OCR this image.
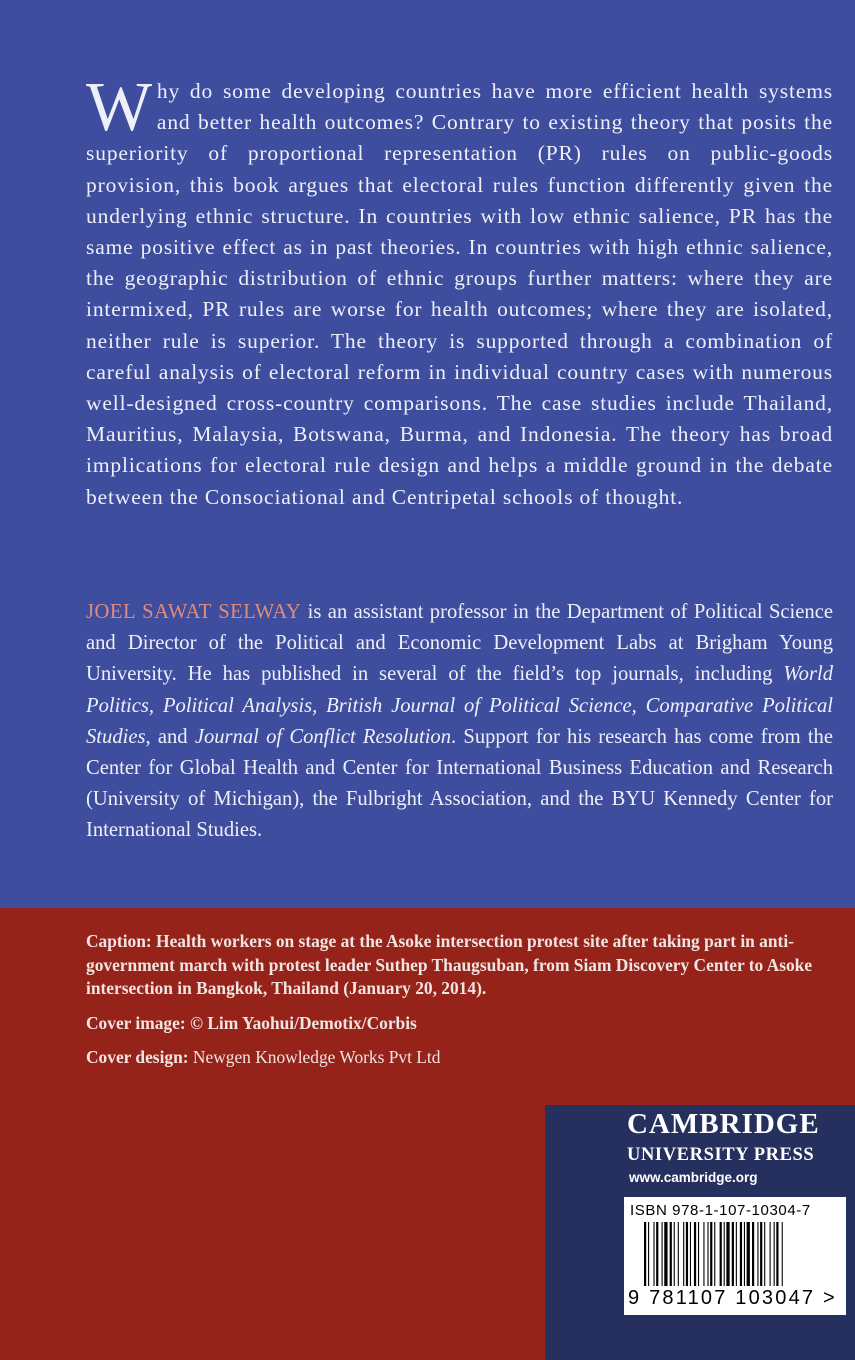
Why do some developing countries have more efficient health systems and better health outcomes? Contrary to existing theory that posits the superiority of proportional representation (PR) rules on public-goods provision, this book argues that electoral rules function differently given the underlying ethnic structure. In countries with low ethnic salience, PR has the same positive effect as in past theories. In countries with high ethnic salience, the geographic distribution of ethnic groups further matters: where they are intermixed, PR rules are worse for health outcomes; where they are isolated, neither rule is superior. The theory is supported through a combination of careful analysis of electoral reform in individual country cases with numerous well-designed cross-country comparisons. The case studies include Thailand, Mauritius, Malaysia, Botswana, Burma, and Indonesia. The theory has broad implications for electoral rule design and helps a middle ground in the debate between the Consociational and Centripetal schools of thought.

JOEL SAWAT SELWAY is an assistant professor in the Department of Political Science and Director of the Political and Economic Development Labs at Brigham Young University. He has published in several of the field’s top journals, including World Politics, Political Analysis, British Journal of Political Science, Comparative Political Studies, and Journal of Conflict Resolution. Support for his research has come from the Center for Global Health and Center for International Business Education and Research (University of Michigan), the Fulbright Association, and the BYU Kennedy Center for International Studies.

Caption: Health workers on stage at the Asoke intersection protest site after taking part in anti-government march with protest leader Suthep Thaugsuban, from Siam Discovery Center to Asoke intersection in Bangkok, Thailand (January 20, 2014).

Cover image: © Lim Yaohui/Demotix/Corbis

Cover design: Newgen Knowledge Works Pvt Ltd

CAMBRIDGE
UNIVERSITY PRESS
www.cambridge.org
ISBN 978-1-107-10304-7
9 781107 103047 >
